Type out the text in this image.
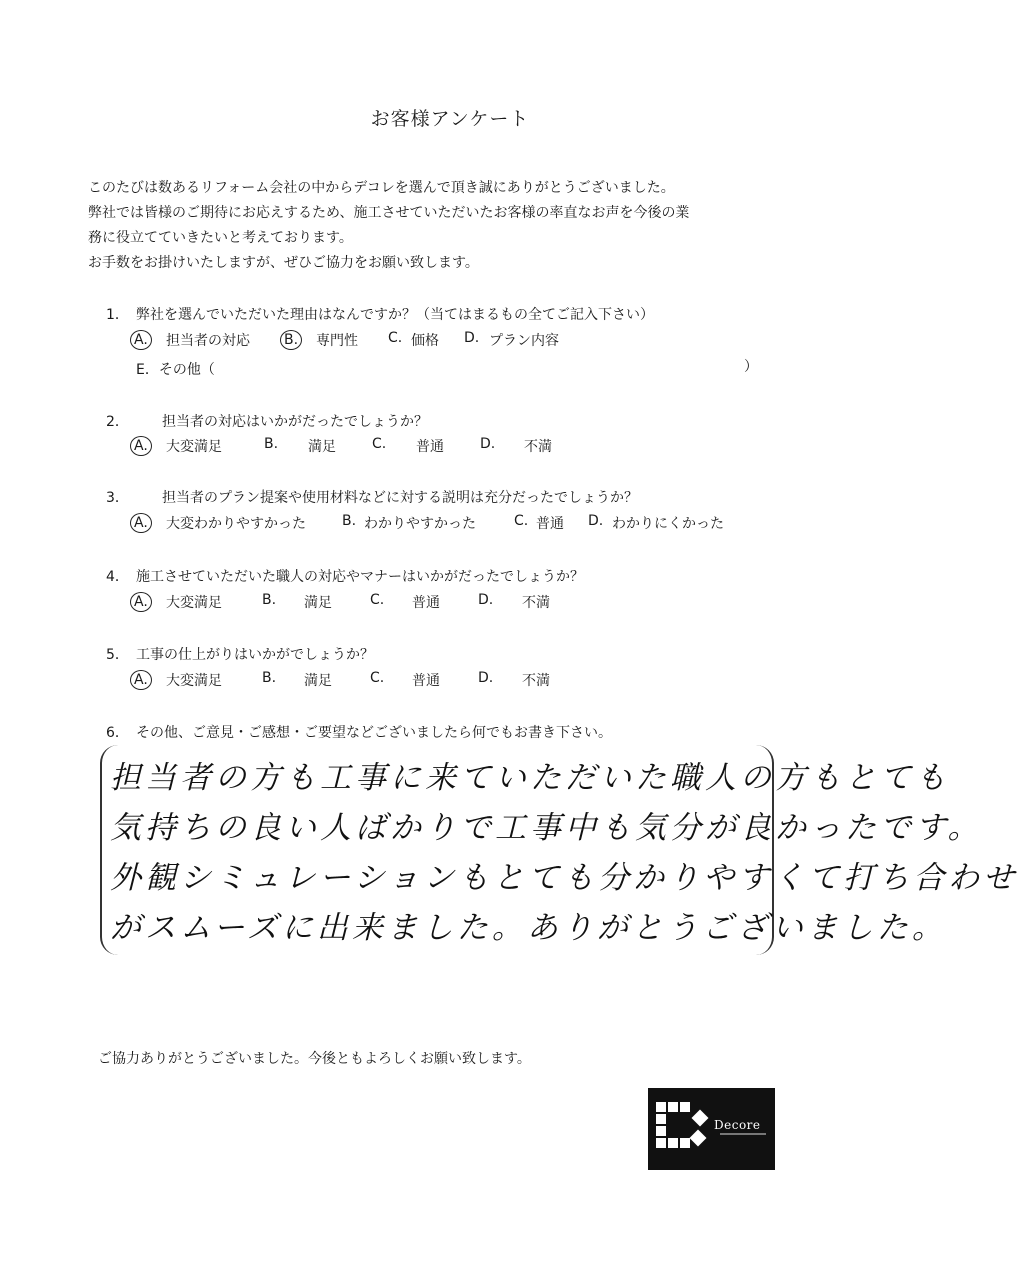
お客様アンケート

このたびは数あるリフォーム会社の中からデコレを選んで頂き誠にありがとうございました。

弊社では皆様のご期待にお応えするため、施工させていただいたお客様の率直なお声を今後の業

務に役立てていきたいと考えております。

お手数をお掛けいたしますが、ぜひご協力をお願い致します。

1． 弊社を選んでいただいた理由はなんですか？（当てはまるもの全てご記入下さい）
A. 担当者の対応 B. 専門性 C. 価格 D. プラン内容
E．その他（	）
2． 担当者の対応はいかがだったでしょうか？
A. 大変満足	B. 満足	C. 普通	D. 不満
3． 担当者のプラン提案や使用材料などに対する説明は充分だったでしょうか？
A. 大変わかりやすかった	B. わかりやすかった	C. 普通 D. わかりにくかった
4． 施工させていただいた職人の対応やマナーはいかがだったでしょうか？
A. 大変満足	B. 満足	C. 普通	D. 不満
5． 工事の仕上がりはいかがでしょうか？
A. 大変満足	B. 満足	C. 普通	D. 不満
6． その他、ご意見・ご感想・ご要望などございましたら何でもお書き下さい。
担当者の方も工事に来ていただいた職人の方もとても
気持ちの良い人ばかりで工事中も気分が良かったです。
外観シミュレーションもとても分かりやすくて打ち合わせ
がスムーズに出来ました。ありがとうございました。
ご協力ありがとうございました。今後ともよろしくお願い致します。
Decore
